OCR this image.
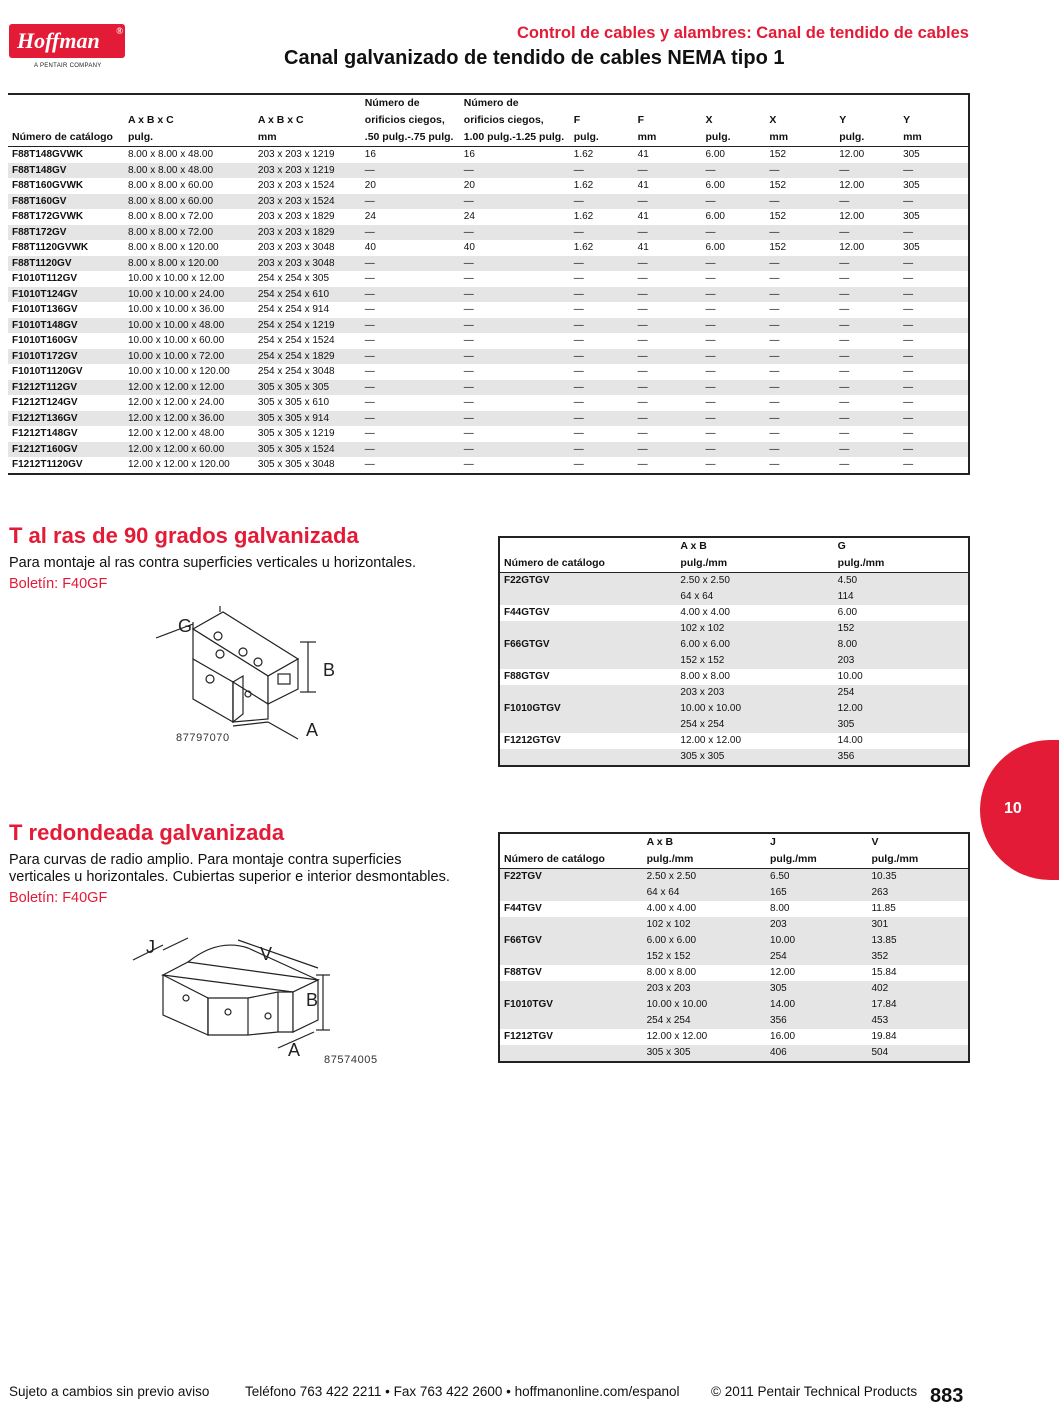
Hoffman ®
A PENTAIR COMPANY
Control de cables y alambres: Canal de tendido de cables
Canal galvanizado de tendido de cables NEMA tipo 1
			Número de	Número de						
	A x B x C	A x B x C	orificios ciegos,	orificios ciegos,	F	F	X	X	Y	Y
Número de catálogo	pulg.	mm	.50 pulg.-.75 pulg.	1.00 pulg.-1.25 pulg.	pulg.	mm	pulg.	mm	pulg.	mm
F88T148GVWK	8.00 x 8.00 x 48.00	203 x 203 x 1219	16	16	1.62	41	6.00	152	12.00	305
F88T148GV	8.00 x 8.00 x 48.00	203 x 203 x 1219	—	—	—	—	—	—	—	—
F88T160GVWK	8.00 x 8.00 x 60.00	203 x 203 x 1524	20	20	1.62	41	6.00	152	12.00	305
F88T160GV	8.00 x 8.00 x 60.00	203 x 203 x 1524	—	—	—	—	—	—	—	—
F88T172GVWK	8.00 x 8.00 x 72.00	203 x 203 x 1829	24	24	1.62	41	6.00	152	12.00	305
F88T172GV	8.00 x 8.00 x 72.00	203 x 203 x 1829	—	—	—	—	—	—	—	—
F88T1120GVWK	8.00 x 8.00 x 120.00	203 x 203 x 3048	40	40	1.62	41	6.00	152	12.00	305
F88T1120GV	8.00 x 8.00 x 120.00	203 x 203 x 3048	—	—	—	—	—	—	—	—
F1010T112GV	10.00 x 10.00 x 12.00	254 x 254 x 305	—	—	—	—	—	—	—	—
F1010T124GV	10.00 x 10.00 x 24.00	254 x 254 x 610	—	—	—	—	—	—	—	—
F1010T136GV	10.00 x 10.00 x 36.00	254 x 254 x 914	—	—	—	—	—	—	—	—
F1010T148GV	10.00 x 10.00 x 48.00	254 x 254 x 1219	—	—	—	—	—	—	—	—
F1010T160GV	10.00 x 10.00 x 60.00	254 x 254 x 1524	—	—	—	—	—	—	—	—
F1010T172GV	10.00 x 10.00 x 72.00	254 x 254 x 1829	—	—	—	—	—	—	—	—
F1010T1120GV	10.00 x 10.00 x 120.00	254 x 254 x 3048	—	—	—	—	—	—	—	—
F1212T112GV	12.00 x 12.00 x 12.00	305 x 305 x 305	—	—	—	—	—	—	—	—
F1212T124GV	12.00 x 12.00 x 24.00	305 x 305 x 610	—	—	—	—	—	—	—	—
F1212T136GV	12.00 x 12.00 x 36.00	305 x 305 x 914	—	—	—	—	—	—	—	—
F1212T148GV	12.00 x 12.00 x 48.00	305 x 305 x 1219	—	—	—	—	—	—	—	—
F1212T160GV	12.00 x 12.00 x 60.00	305 x 305 x 1524	—	—	—	—	—	—	—	—
F1212T1120GV	12.00 x 12.00 x 120.00	305 x 305 x 3048	—	—	—	—	—	—	—	—
T al ras de 90 grados galvanizada
Para montaje al ras contra superficies verticales u horizontales.
Boletín: F40GF
G
B
A
87797070
	A x B	G
Número de catálogo	pulg./mm	pulg./mm
F22GTGV	2.50 x 2.50	4.50
	64 x 64	114
F44GTGV	4.00 x 4.00	6.00
	102 x 102	152
F66GTGV	6.00 x 6.00	8.00
	152 x 152	203
F88GTGV	8.00 x 8.00	10.00
	203 x 203	254
F1010GTGV	10.00 x 10.00	12.00
	254 x 254	305
F1212GTGV	12.00 x 12.00	14.00
	305 x 305	356
T redondeada galvanizada
Para curvas de radio amplio. Para montaje contra superficies
verticales u horizontales. Cubiertas superior e interior desmontables.
Boletín: F40GF
J	V
B
A 87574005
	A x B	J	V
Número de catálogo	pulg./mm	pulg./mm	pulg./mm
F22TGV	2.50 x 2.50	6.50	10.35
	64 x 64	165	263
F44TGV	4.00 x 4.00	8.00	11.85
	102 x 102	203	301
F66TGV	6.00 x 6.00	10.00	13.85
	152 x 152	254	352
F88TGV	8.00 x 8.00	12.00	15.84
	203 x 203	305	402
F1010TGV	10.00 x 10.00	14.00	17.84
	254 x 254	356	453
F1212TGV	12.00 x 12.00	16.00	19.84
	305 x 305	406	504
10
Sujeto a cambios sin previo aviso	Teléfono 763 422 2211 • Fax 763 422 2600 • hoffmanonline.com/espanol © 2011 Pentair Technical Products 883
